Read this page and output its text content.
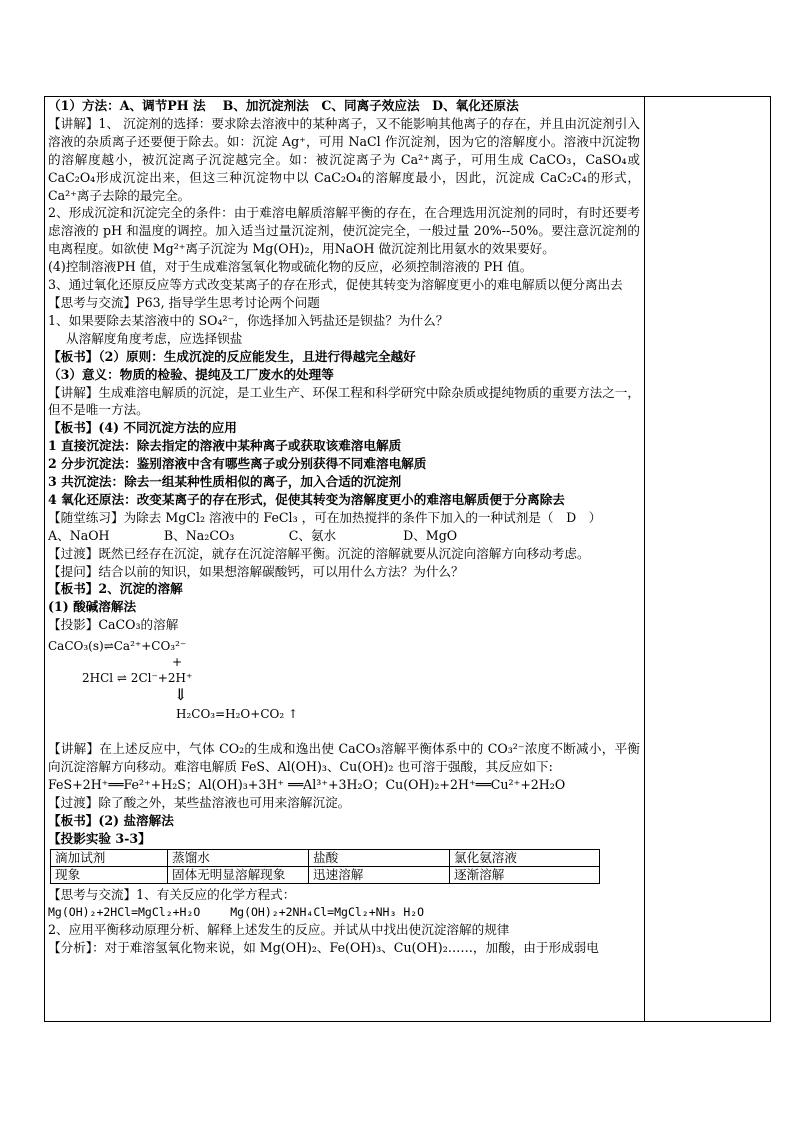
（1）方法：A、调节PH 法　 B、加沉淀剂法　C、同离子效应法　D、氧化还原法
【讲解】1、 沉淀剂的选择：要求除去溶液中的某种离子，又不能影响其他离子的存在，并且由沉淀剂引入溶液的杂质离子还要便于除去。如：沉淀 Ag⁺，可用 NaCl 作沉淀剂，因为它的溶解度小。溶液中沉淀物的溶解度越小，被沉淀离子沉淀越完全。如：被沉淀离子为 Ca²⁺离子，可用生成 CaCO₃，CaSO₄或 CaC₂O₄形成沉淀出来，但这三种沉淀物中以 CaC₂O₄的溶解度最小，因此，沉淀成 CaC₂C₄的形式，Ca²⁺离子去除的最完全。
2、形成沉淀和沉淀完全的条件：由于难溶电解质溶解平衡的存在，在合理选用沉淀剂的同时，有时还要考虑溶液的 pH 和温度的调控。加入适当过量沉淀剂，使沉淀完全，一般过量 20%--50%。要注意沉淀剂的电离程度。如欲使 Mg²⁺离子沉淀为 Mg(OH)₂，用NaOH 做沉淀剂比用氨水的效果要好。
(4)控制溶液PH 值，对于生成难溶氢氧化物或硫化物的反应，必须控制溶液的 PH 值。
3、通过氧化还原反应等方式改变某离子的存在形式，促使其转变为溶解度更小的难电解质以便分离出去
【思考与交流】P63, 指导学生思考讨论两个问题
1、如果要除去某溶液中的 SO₄²⁻，你选择加入钙盐还是钡盐？为什么？
从溶解度角度考虑，应选择钡盐
【板书】（2）原则：生成沉淀的反应能发生，且进行得越完全越好
（3）意义：物质的检验、提纯及工厂废水的处理等
【讲解】生成难溶电解质的沉淀，是工业生产、环保工程和科学研究中除杂质或提纯物质的重要方法之一，但不是唯一方法。
【板书】(4) 不同沉淀方法的应用
1 直接沉淀法：除去指定的溶液中某种离子或获取该难溶电解质
2 分步沉淀法：鉴别溶液中含有哪些离子或分别获得不同难溶电解质
3 共沉淀法：除去一组某种性质相似的离子，加入合适的沉淀剂
4 氧化还原法：改变某离子的存在形式，促使其转变为溶解度更小的难溶电解质便于分离除去
【随堂练习】为除去 MgCl₂ 溶液中的 FeCl₃ ，可在加热搅拌的条件下加入的一种试剂是（　D　）
A、NaOH　　　　 B、Na₂CO₃　　　　 C、氨水　　　　　 D、MgO
【过渡】既然已经存在沉淀，就存在沉淀溶解平衡。沉淀的溶解就要从沉淀向溶解方向移动考虑。
【提问】结合以前的知识，如果想溶解碳酸钙，可以用什么方法？为什么？
【板书】2、沉淀的溶解
(1) 酸碱溶解法
【投影】CaCO₃的溶解
CaCO₃(s)⇌Ca²⁺+CO₃²⁻
+
2HCl ⇌ 2Cl⁻+2H⁺
⇓
H₂CO₃=H₂O+CO₂ ↑
【讲解】在上述反应中，气体 CO₂的生成和逸出使 CaCO₃溶解平衡体系中的 CO₃²⁻浓度不断减小，平衡向沉淀溶解方向移动。难溶电解质 FeS、Al(OH)₃、Cu(OH)₂ 也可溶于强酸，其反应如下:
FeS+2H⁺══Fe²⁺+H₂S；Al(OH)₃+3H⁺ ══Al³⁺+3H₂O；Cu(OH)₂+2H⁺══Cu²⁺+2H₂O
【过渡】除了酸之外，某些盐溶液也可用来溶解沉淀。
【板书】(2) 盐溶解法
【投影实验 3-3】
滴加试剂	蒸馏水	盐酸	氯化氨溶液
现象	固体无明显溶解现象	迅速溶解	逐渐溶解
【思考与交流】1、有关反应的化学方程式：
Mg(OH)₂+2HCl=MgCl₂+H₂O　　 Mg(OH)₂+2NH₄Cl=MgCl₂+NH₃ H₂O
2、应用平衡移动原理分析、解释上述发生的反应。并试从中找出使沉淀溶解的规律
【分析】：对于难溶氢氧化物来说，如 Mg(OH)₂、Fe(OH)₃、Cu(OH)₂……，加酸，由于形成弱电
